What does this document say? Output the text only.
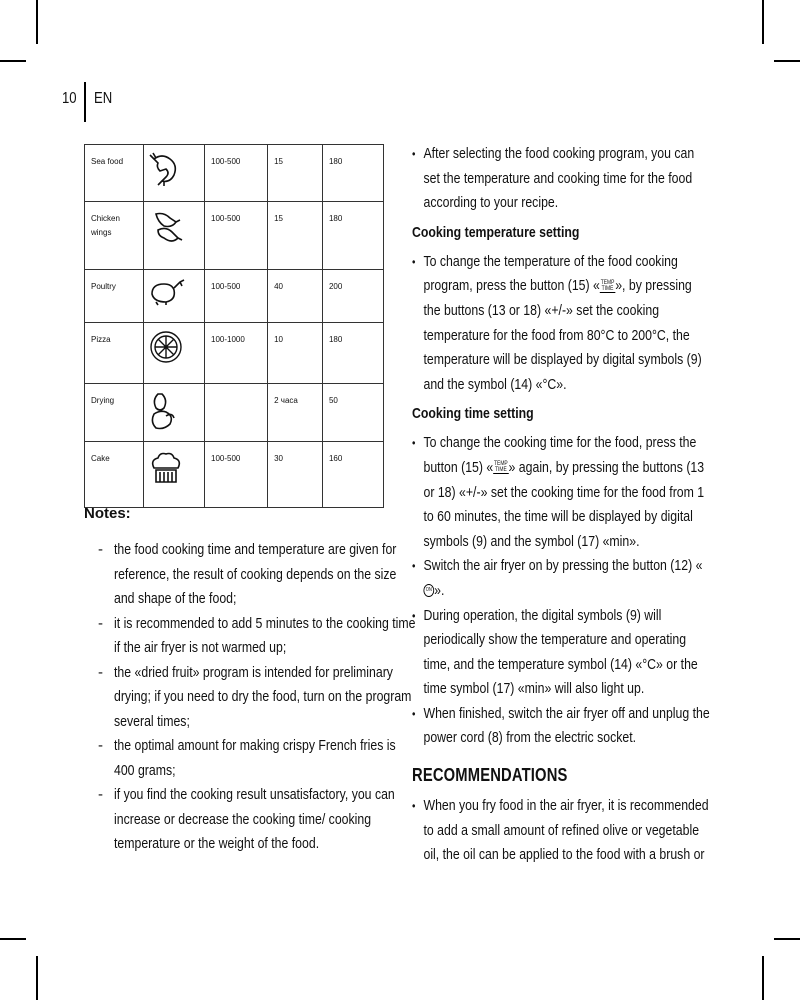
10 EN
Sea food		100-500	15	180
Chicken wings		100-500	15	180
Poultry		100-500	40	200
Pizza		100-1000	10	180
Drying			2 часа	50
Cake		100-500	30	160
Notes:
- the food cooking time and temperature are given for reference, the result of cooking depends on the size and shape of the food;
- it is recommended to add 5 minutes to the cooking time if the air fryer is not warmed up;
- the «dried fruit» program is intended for preliminary drying; if you need to dry the food, turn on the program several times;
- the optimal amount for making crispy French fries is 400 grams;
- if you find the cooking result unsatisfactory, you can increase or decrease the cooking time/ cooking temperature or the weight of the food.
• After selecting the food cooking program, you can set the temperature and cooking time for the food according to your recipe.
Cooking temperature setting
• To change the temperature of the food cooking program, press the button (15) «TEMP
TIME », by pressing the buttons (13 or 18) «+/-» set the cooking temperature for the food from 80°C to 200°C, the temperature will be displayed by digital symbols (9) and the symbol (14) «°C».
Cooking time setting
• To change the cooking time for the food, press the button (15) «TEMP
TIME » again, by pressing the buttons (13 or 18) «+/-» set the cooking time for the food from 1 to 60 minutes, the time will be displayed by digital symbols (9) and the symbol (17) «min».
• Switch the air fryer on by pressing the button (12) «ON ».
• During operation, the digital symbols (9) will periodically show the temperature and operating time, and the temperature symbol (14) «°C» or the time symbol (17) «min» will also light up.
• When finished, switch the air fryer off and unplug the power cord (8) from the electric socket.
RECOMMENDATIONS
• When you fry food in the air fryer, it is recommended to add a small amount of refined olive or vegetable oil, the oil can be applied to the food with a brush or
